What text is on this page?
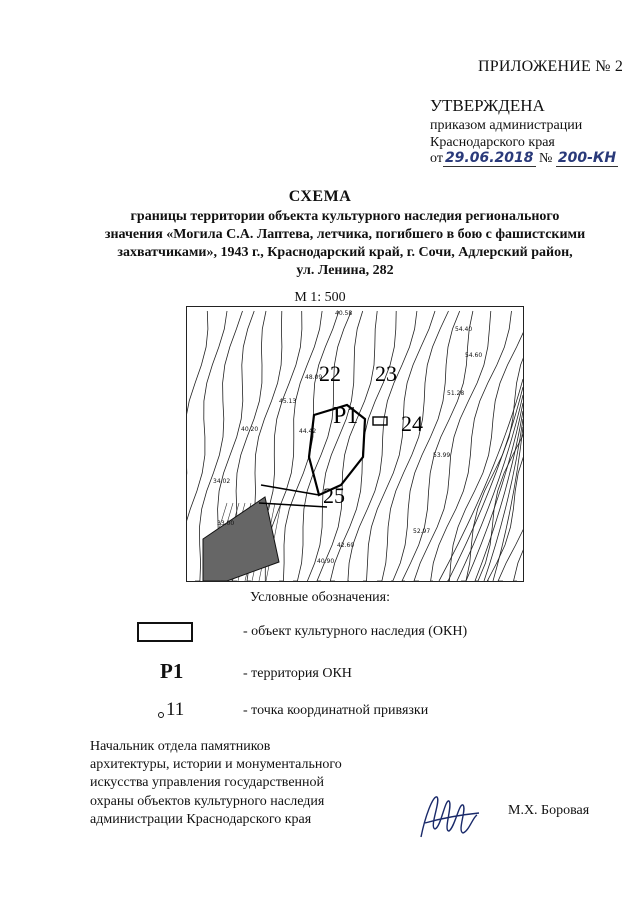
ПРИЛОЖЕНИЕ № 2
УТВЕРЖДЕНА
приказом администрации
Краснодарского края
от 29.06.2018 № 200-КН
СХЕМА
границы территории объекта культурного наследия регионального
значения «Могила С.А. Лаптева, летчика, погибшего в бою с фашистскими
захватчиками», 1943 г., Краснодарский край, г. Сочи, Адлерский район,
ул. Ленина, 282
М 1: 500
40.58
54.40
54.60
51.28
53.99
44.42
48.09
45.13
40.20
34.02
42.60
52.97
33.00
40.90
Р1
22 23
24
25
Условные обозначения:
- объект культурного наследия (ОКН)
Р1	- территория ОКН
11	- точка координатной привязки
Начальник отдела памятников
архитектуры, истории и монументального
искусства управления государственной
охраны объектов культурного наследия
администрации Краснодарского края
М.Х. Боровая
